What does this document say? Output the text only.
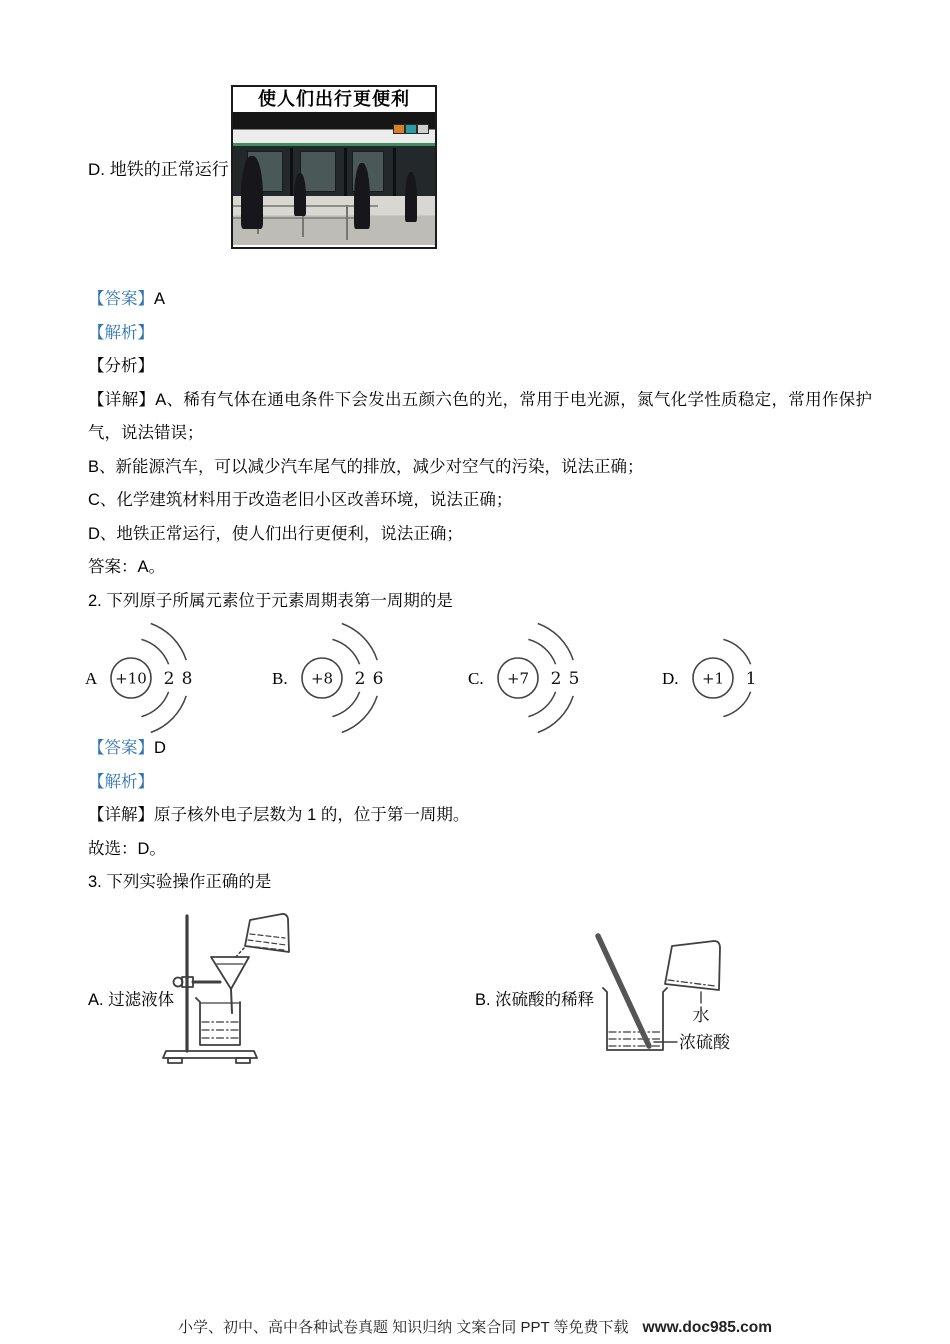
D. 地铁的正常运行
使人们出行更便利

【答案】A

【解析】

【分析】

【详解】A、稀有气体在通电条件下会发出五颜六色的光，常用于电光源，氮气化学性质稳定，常用作保护气，说法错误；

B、新能源汽车，可以减少汽车尾气的排放，减少对空气的污染，说法正确；

C、化学建筑材料用于改造老旧小区改善环境，说法正确；

D、地铁正常运行，使人们出行更便利，说法正确；

答案：A。

2. 下列原子所属元素位于元素周期表第一周期的是

A +10 2 8	B. +8 2 6	C. +7 2 5	D. +1 1

【答案】D

【解析】

【详解】原子核外电子层数为 1 的，位于第一周期。

故选：D。

3. 下列实验操作正确的是

A. 过滤液体	B. 浓硫酸的稀释
水
浓硫酸
小学、初中、高中各种试卷真题 知识归纳 文案合同 PPT 等免费下载 www.doc985.com
